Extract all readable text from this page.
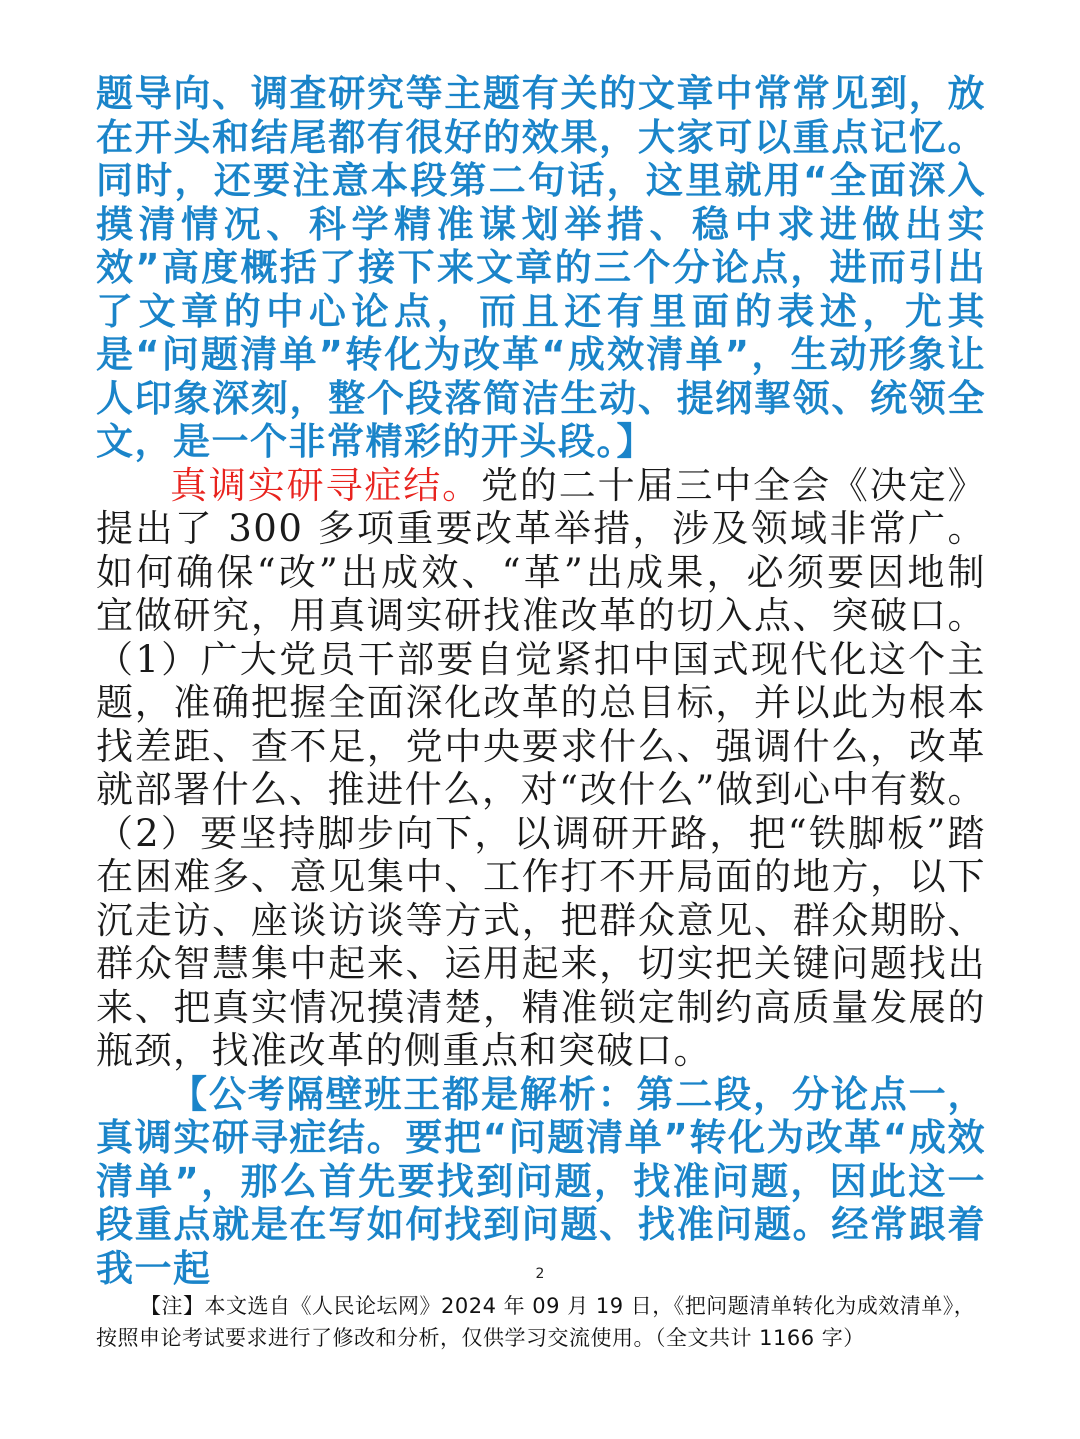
题导向、调查研究等主题有关的文章中常常见到，放在开头和结尾都有很好的效果，大家可以重点记忆。同时，还要注意本段第二句话，这里就用“全面深入摸清情况、科学精准谋划举措、稳中求进做出实效”高度概括了接下来文章的三个分论点，进而引出了文章的中心论点，而且还有里面的表述，尤其是“问题清单”转化为改革“成效清单”，生动形象让人印象深刻，整个段落简洁生动、提纲挈领、统领全文，是一个非常精彩的开头段。】

真调实研寻症结。党的二十届三中全会《决定》提出了 300 多项重要改革举措，涉及领域非常广。如何确保“改”出成效、“革”出成果，必须要因地制宜做研究，用真调实研找准改革的切入点、突破口。（1）广大党员干部要自觉紧扣中国式现代化这个主题，准确把握全面深化改革的总目标，并以此为根本找差距、查不足，党中央要求什么、强调什么，改革就部署什么、推进什么，对“改什么”做到心中有数。（2）要坚持脚步向下，以调研开路，把“铁脚板”踏在困难多、意见集中、工作打不开局面的地方，以下沉走访、座谈访谈等方式，把群众意见、群众期盼、群众智慧集中起来、运用起来，切实把关键问题找出来、把真实情况摸清楚，精准锁定制约高质量发展的瓶颈，找准改革的侧重点和突破口。

【公考隔壁班王都是解析：第二段，分论点一，真调实研寻症结。要把“问题清单”转化为改革“成效清单”，那么首先要找到问题，找准问题，因此这一段重点就是在写如何找到问题、找准问题。经常跟着我一起	2
【注】本文选自《人民论坛网》2024 年 09 月 19 日，《把问题清单转化为成效清单》，按照申论考试要求进行了修改和分析，仅供学习交流使用。（全文共计 1166 字）
